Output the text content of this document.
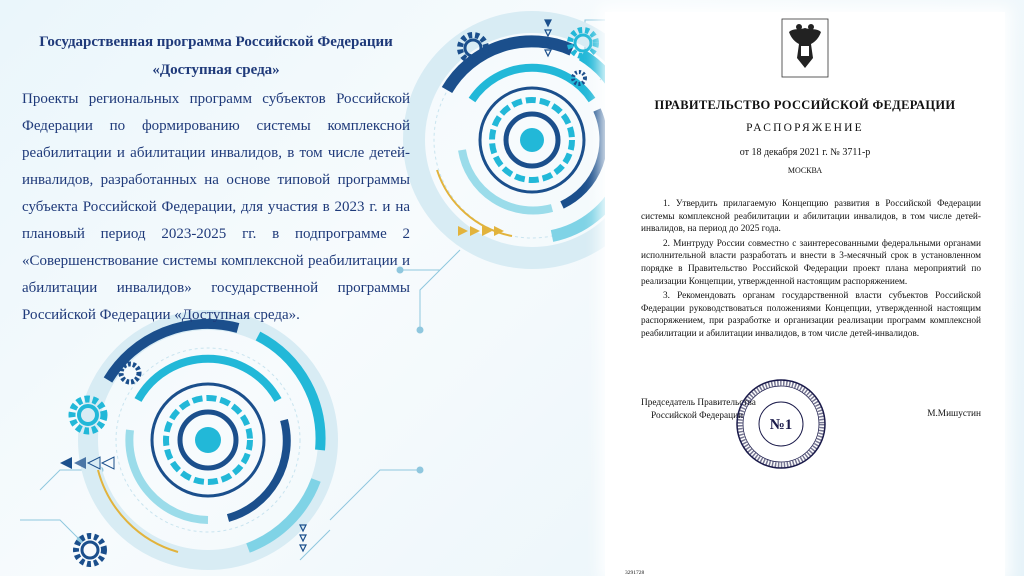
Государственная программа Российской Федерации «Доступная среда»

Проекты региональных программ субъектов Российской Федерации по формированию системы комплексной реабилитации и абилитации инвалидов, в том числе детей-инвалидов, разработанных на основе типовой программы субъекта Российской Федерации, для участия в 2023 г. и на плановый период 2023-2025 гг. в подпрограмме 2 «Совершенствование системы комплексной реабилитации и абилитации инвалидов» государственной программы Российской Федерации «Доступная среда».

ПРАВИТЕЛЬСТВО РОССИЙСКОЙ ФЕДЕРАЦИИ

РАСПОРЯЖЕНИЕ

от 18 декабря 2021 г. № 3711-р

МОСКВА

1. Утвердить прилагаемую Концепцию развития в Российской Федерации системы комплексной реабилитации и абилитации инвалидов, в том числе детей-инвалидов, на период до 2025 года.

2. Минтруду России совместно с заинтересованными федеральными органами исполнительной власти разработать и внести в 3-месячный срок в установленном порядке в Правительство Российской Федерации проект плана мероприятий по реализации Концепции, утвержденной настоящим распоряжением.

3. Рекомендовать органам государственной власти субъектов Российской Федерации руководствоваться положениями Концепции, утвержденной настоящим распоряжением, при разработке и организации реализации программ комплексной реабилитации и абилитации инвалидов, в том числе детей-инвалидов.

Председатель Правительства
Российской Федерации
№1
М.Мишустин
3291728
